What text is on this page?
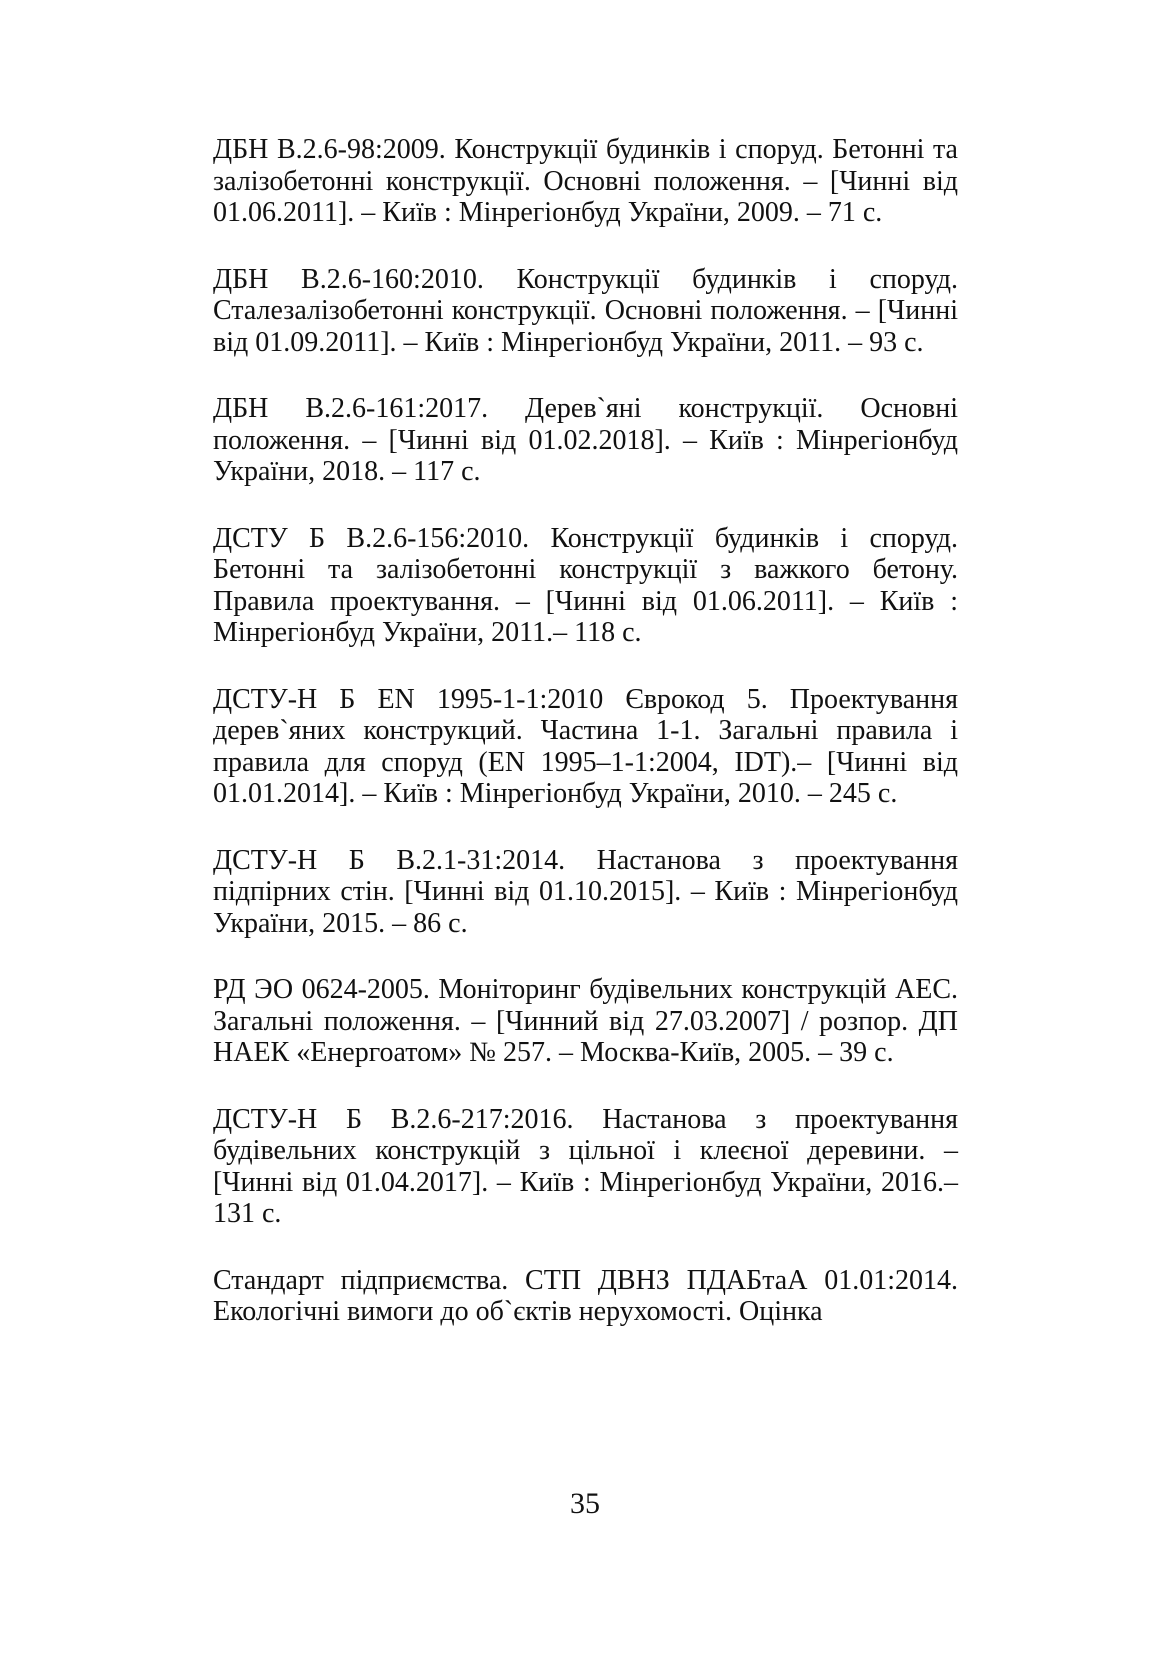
ДБН В.2.6-98:2009. Конструкції будинків і споруд. Бетонні та залізобетонні конструкції. Основні положення. – [Чинні від 01.06.2011]. – Київ : Мінрегіонбуд України, 2009. – 71 с.
ДБН В.2.6-160:2010. Конструкції будинків і споруд. Сталезалізобетонні конструкції. Основні положення. – [Чинні від 01.09.2011]. – Київ : Мінрегіонбуд України, 2011. – 93 с.
ДБН В.2.6-161:2017. Дерев`яні конструкції. Основні положення. – [Чинні від 01.02.2018]. – Київ : Мінрегіонбуд України, 2018. – 117 с.
ДСТУ Б В.2.6-156:2010. Конструкції будинків і споруд. Бетонні та залізобетонні конструкції з важкого бетону. Правила проектування. – [Чинні від 01.06.2011]. – Київ : Мінрегіонбуд України, 2011.– 118 с.
ДСТУ-Н Б EN 1995-1-1:2010 Єврокод 5. Проектування дерев`яних конструкций. Частина 1-1. Загальні правила і правила для споруд (EN 1995–1-1:2004, IDT).– [Чинні від 01.01.2014]. – Київ : Мінрегіонбуд України, 2010. – 245 с.
ДСТУ-Н Б В.2.1-31:2014. Настанова з проектування підпірних стін. [Чинні від 01.10.2015]. – Київ : Мінрегіонбуд України, 2015. – 86 с.
РД ЭО 0624-2005. Моніторинг будівельних конструкцій АЕС. Загальні положення. – [Чинний від 27.03.2007] / розпор. ДП НАЕК «Енергоатом» № 257. – Москва-Київ, 2005. – 39 с.
ДСТУ-Н Б В.2.6-217:2016. Настанова з проектування будівельних конструкцій з цільної і клеєної деревини. – [Чинні від 01.04.2017]. – Київ : Мінрегіонбуд України, 2016.– 131 с.
Стандарт підприємства. СТП ДВНЗ ПДАБтаА 01.01:2014. Екологічні вимоги до об`єктів нерухомості. Оцінка
35
